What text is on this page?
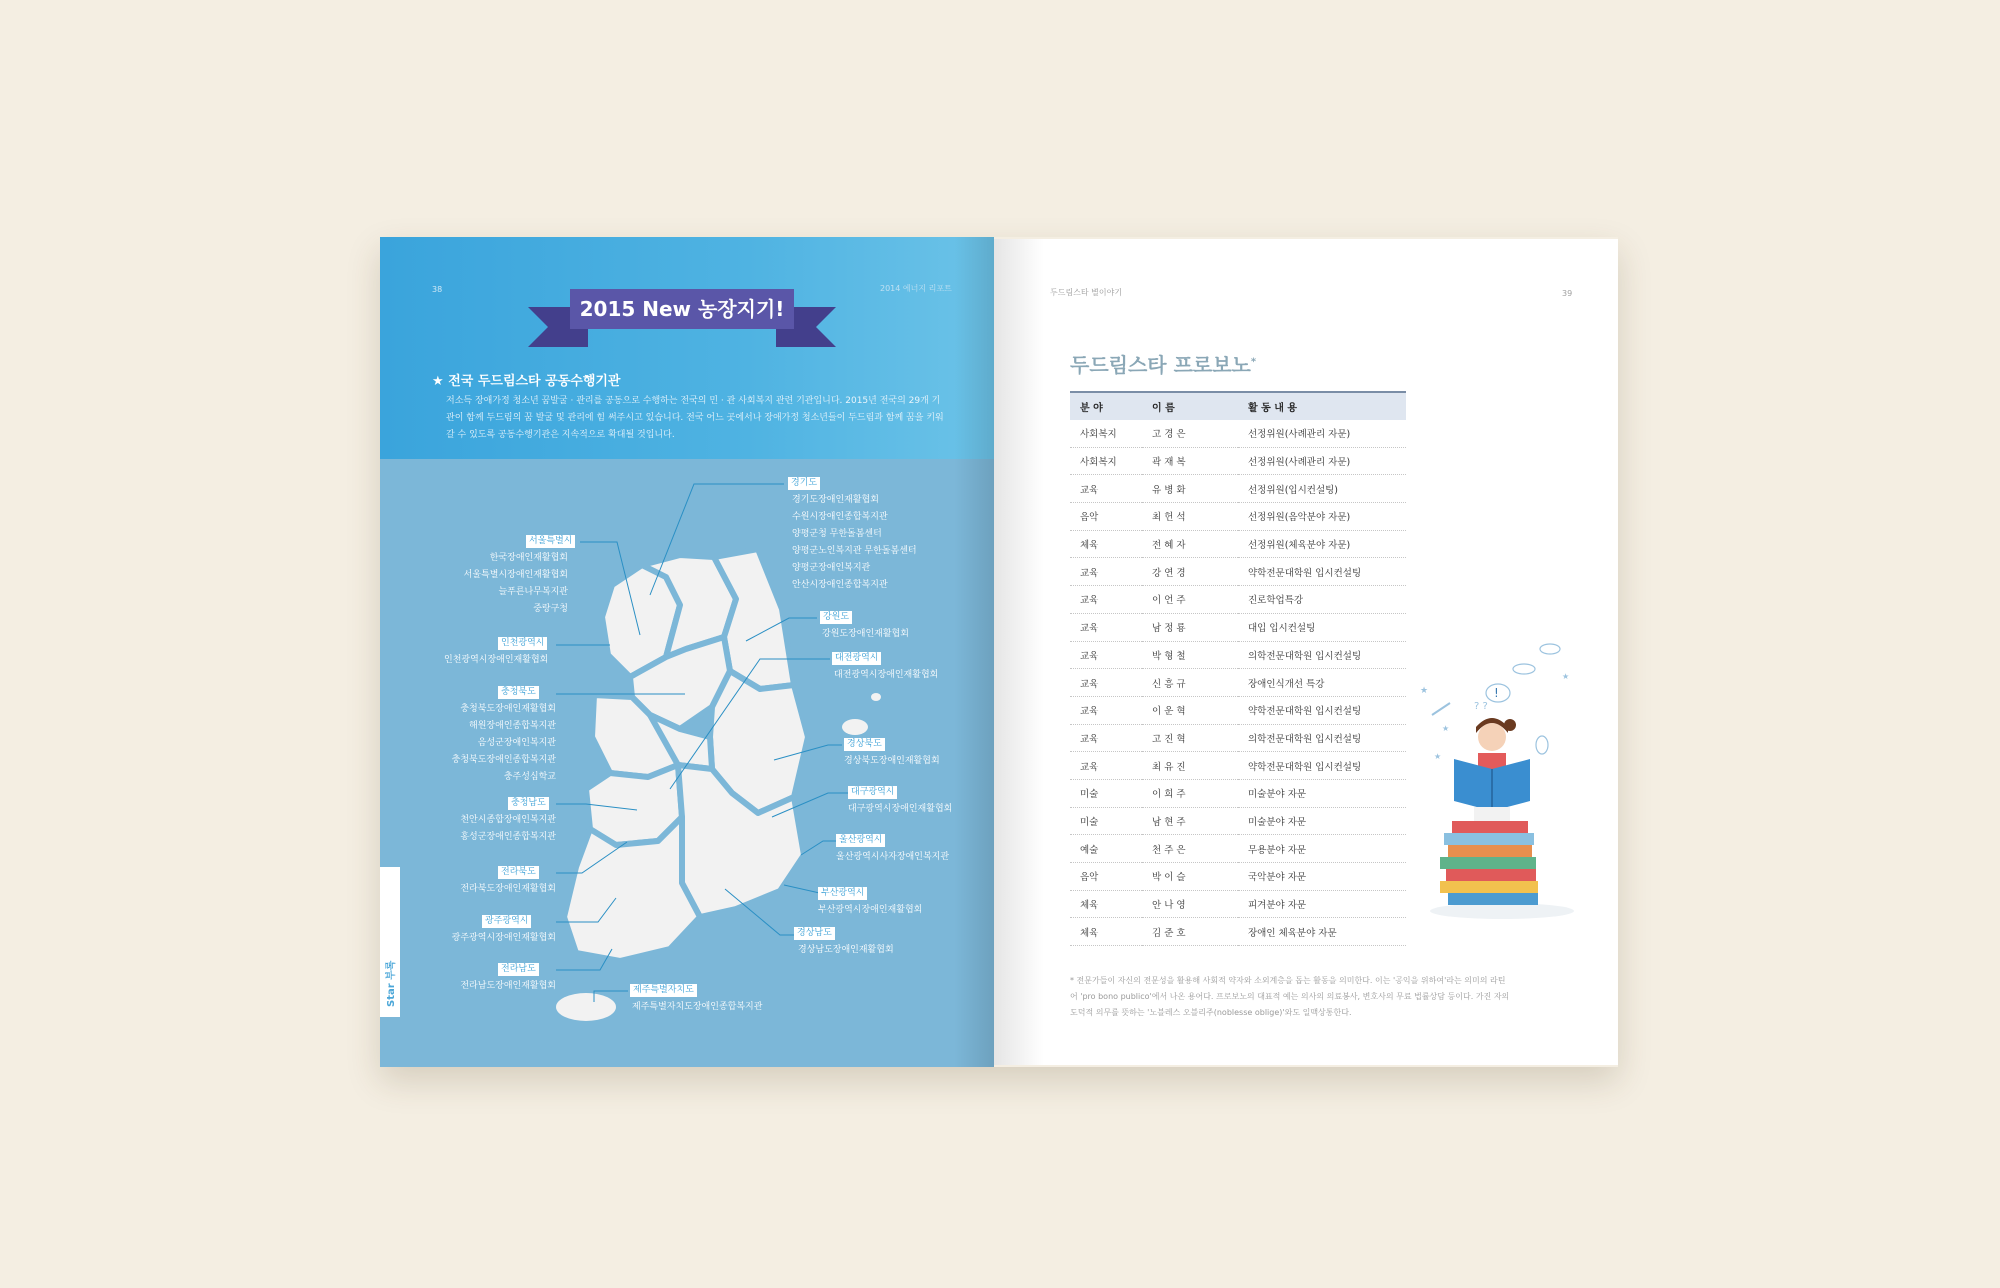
38	2014 에너지 리포트
2015 New 농장지기!
★ 전국 두드림스타 공동수행기관
저소득 장애가정 청소년 꿈발굴 · 관리를 공동으로 수행하는 전국의 민 · 관 사회복지 관련 기관입니다. 2015년 전국의 29개 기관이 함께 두드림의 꿈 발굴 및 관리에 힘 써주시고 있습니다. 전국 어느 곳에서나 장애가정 청소년들이 두드림과 함께 꿈을 키워갈 수 있도록 공동수행기관은 지속적으로 확대될 것입니다.
경기도
경기도장애인재활협회
수원시장애인종합복지관
양평군청 무한돌봄센터
양평군노인복지관 무한돌봄센터
양평군장애인복지관
안산시장애인종합복지관
서울특별시
한국장애인재활협회
서울특별시장애인재활협회
늘푸른나무복지관
중랑구청
강원도
강원도장애인재활협회
인천광역시
인천광역시장애인재활협회	대전광역시
대전광역시장애인재활협회
충청북도
충청북도장애인재활협회
해원장애인종합복지관
음성군장애인복지관
충청북도장애인종합복지관
충주성심학교
경상북도
경상북도장애인재활협회
대구광역시
대구광역시장애인재활협회
충청남도
천안시종합장애인복지관
홍성군장애인종합복지관	울산광역시
울산광역시사자장애인복지관
전라북도
전라북도장애인재활협회	부산광역시
부산광역시장애인재활협회
광주광역시
광주광역시장애인재활협회	경상남도
경상남도장애인재활협회
전라남도
전라남도장애인재활협회	제주특별자치도
제주특별자치도장애인종합복지관
Star 부록
두드림스타 별이야기	39
두드림스타 프로보노*
분 야	이 름	활 동 내 용
사회복지	고 경 은	선정위원(사례관리 자문)
사회복지	곽 재 복	선정위원(사례관리 자문)
교육	유 병 화	선정위원(입시컨설팅)
음악	최 헌 석	선정위원(음악분야 자문)
체육	전 혜 자	선정위원(체육분야 자문)
교육	강 연 경	약학전문대학원 입시컨설팅
교육	이 언 주	진로학업특강
교육	남 정 룡	대입 입시컨설팅
교육	박 형 철	의학전문대학원 입시컨설팅
교육	신 흥 규	장애인식개선 특강
교육	이 운 혁	약학전문대학원 입시컨설팅
교육	고 진 혁	의학전문대학원 입시컨설팅
교육	최 유 진	약학전문대학원 입시컨설팅
미술	이 희 주	미술분야 자문
미술	남 현 주	미술분야 자문
예술	천 주 은	무용분야 자문
음악	박 이 슬	국악분야 자문
체육	안 나 영	피겨분야 자문
체육	김 준 호	장애인 체육분야 자문
!
? ?
★
★
★
★
* 전문가들이 자신의 전문성을 활용해 사회적 약자와 소외계층을 돕는 활동을 의미한다. 이는 '공익을 위하여'라는 의미의 라틴어 'pro bono publico'에서 나온 용어다. 프로보노의 대표적 예는 의사의 의료봉사, 변호사의 무료 법률상담 등이다. 가진 자의 도덕적 의무를 뜻하는 '노블레스 오블리주(noblesse oblige)'와도 일맥상통한다.
